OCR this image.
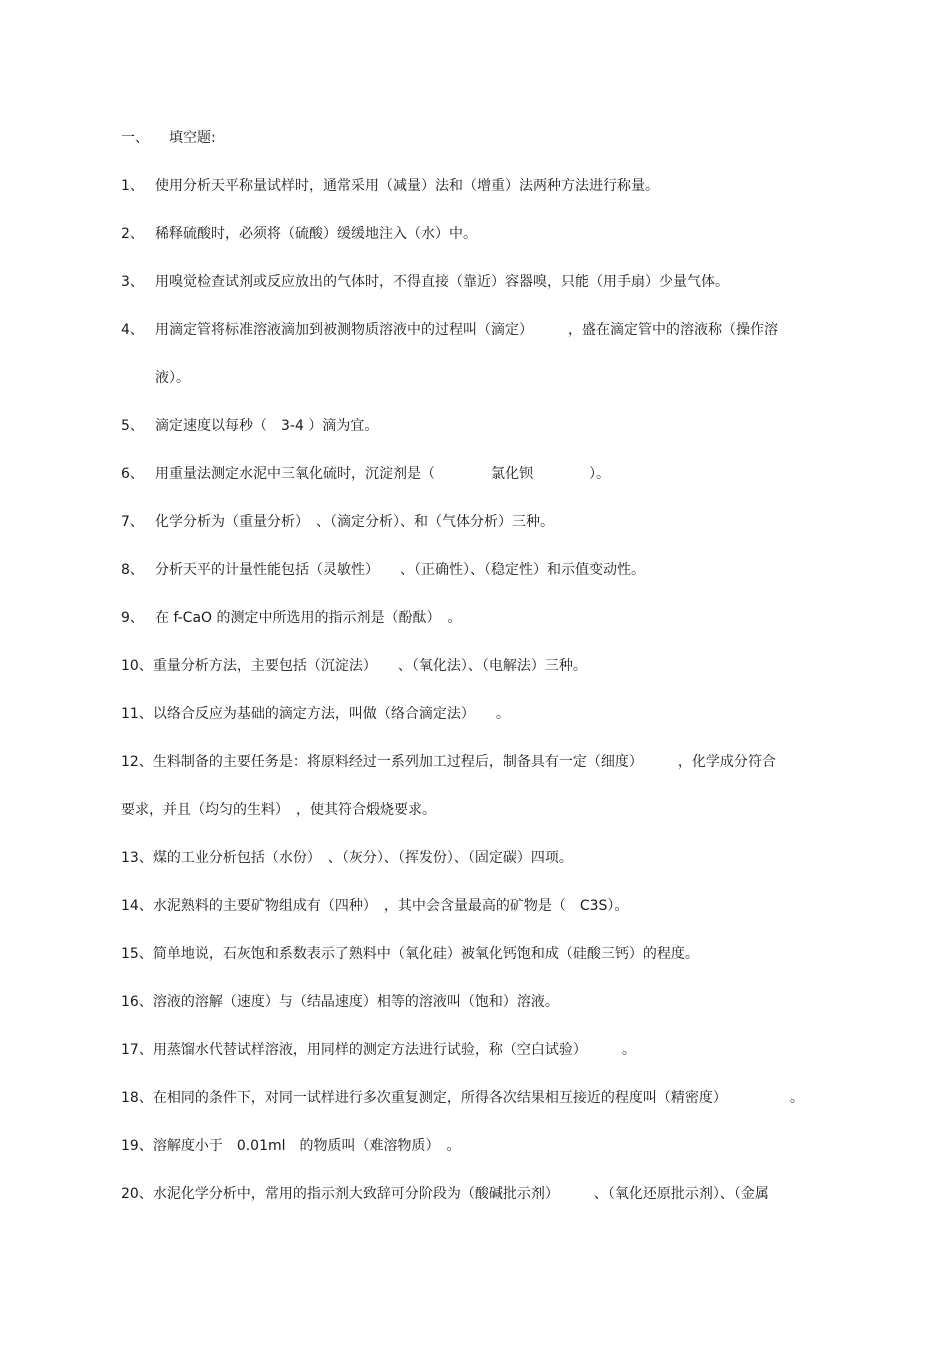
一、 填空题:
1、 使用分析天平称量试样时，通常采用（减量）法和（增重）法两种方法进行称量。
2、 稀释硫酸时，必须将（硫酸）缓缓地注入（水）中。
3、 用嗅觉检查试剂或反应放出的气体时，不得直接（靠近）容器嗅，只能（用手扇）少量气体。
4、 用滴定管将标准溶液滴加到被测物质溶液中的过程叫（滴定）　　　，盛在滴定管中的溶液称（操作溶
液）。
5、 滴定速度以每秒（　3-4 ）滴为宜。
6、 用重量法测定水泥中三氧化硫时，沉淀剂是（　　　　氯化钡　　　　）。
7、 化学分析为（重量分析）　、（滴定分析）、和（气体分析）三种。
8、 分析天平的计量性能包括（灵敏性）　　、（正确性）、（稳定性）和示值变动性。
9、 在 f-CaO 的测定中所选用的指示剂是（酚酞）　。
10、重量分析方法，主要包括（沉淀法）　　、（氧化法）、（电解法）三种。
11、以络合反应为基础的滴定方法，叫做（络合滴定法）　　。
12、生料制备的主要任务是：将原料经过一系列加工过程后，制备具有一定（细度）　　　，化学成分符合
要求，并且（均匀的生料）　，使其符合煅烧要求。
13、煤的工业分析包括（水份）　、（灰分）、（挥发份）、（固定碳）四项。
14、水泥熟料的主要矿物组成有（四种）　，其中会含量最高的矿物是（　C3S）。
15、简单地说，石灰饱和系数表示了熟料中（氧化硅）被氧化钙饱和成（硅酸三钙）的程度。
16、溶液的溶解（速度）与（结晶速度）相等的溶液叫（饱和）溶液。
17、用蒸馏水代替试样溶液，用同样的测定方法进行试验，称（空白试验）　　　。
18、在相同的条件下，对同一试样进行多次重复测定，所得各次结果相互接近的程度叫（精密度）　　　　　。
19、溶解度小于　0.01ml　的物质叫（难溶物质）　。
20、水泥化学分析中，常用的指示剂大致辞可分阶段为（酸碱批示剂）　　　、（氧化还原批示剂）、（金属
